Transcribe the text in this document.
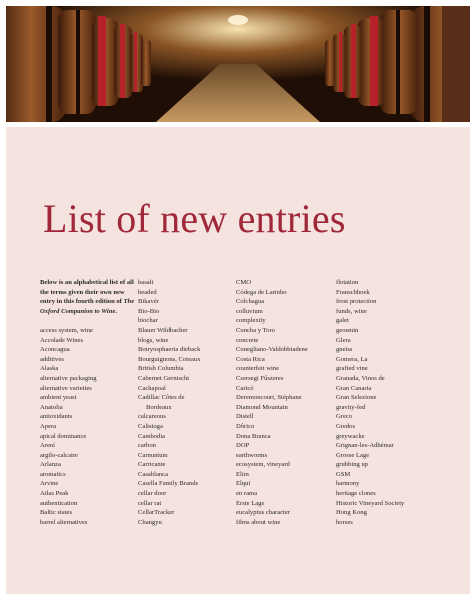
List of new entries

Below is an alphabetical list of all the terms given their own new entry in this fourth edition of The Oxford Companion to Wine.

access system, wine
Accolade Wines
Aconcagua
additives
Alaska
alternative packaging
alternative varieties
ambient yeast
Anatolia
antioxidants
Apera
apical dominance
Arení
argilo-calcaire
Arlanza
aromatics
Arvine
Atlas Peak
authentication
Baltic states
barrel alternatives
basalt
beaded
Bikavér
Bio-Bio
biochar
Blauer Wildbacher
blogs, wine
Botryosphaeria dieback
Bourguignons, Coteaux
British Columbia
Cabernet Gernischt
Cachapoal
Cadillac Côtes de
Bordeaux
calcareous
Calistoga
Cambodia
carbon
Carnuntum
Carricante
Casablanca
Casella Family Brands
cellar door
cellar rat
CellarTracker
Changyu
CMO
Códega de Larinho
Colchagua
colluvium
complexity
Concha y Toro
concrete
Conegliano-Valdobbiadene
Costa Rica
counterfeit wine
Csersegi Fűszeres
Caricó
Deremoncourt, Stéphane
Diamond Mountain
Distell
Dôrico
Dona Branca
DOP
earthworms
ecosystem, vineyard
Elim
Elqui
en rama
Erste Lage
eucalyptus character
films about wine
flotation
Franschhoek
frost protection
funds, wine
galet
geosmin
Glera
gneiss
Gomera, La
grafted vine
Granada, Vinos de
Gran Canaria
Gran Selezione
gravity-fed
Greco
Gredos
greywacke
Grignan-les-Adhémar
Grosse Lage
grubbing up
GSM
harmony
heritage clones
Historic Vineyard Society
Hong Kong
horses
